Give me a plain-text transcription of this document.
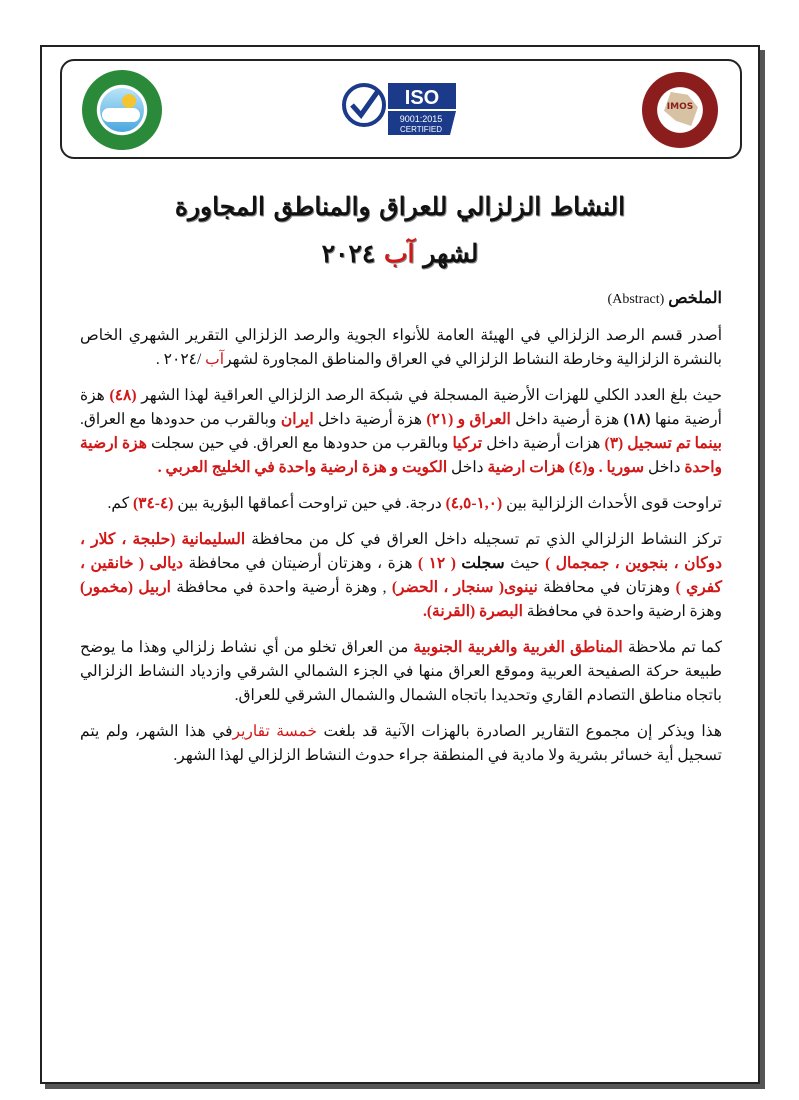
ISO
9001:2015
CERTIFIED
IMOS
النشاط الزلزالي للعراق والمناطق المجاورة
لشهر آب ٢٠٢٤

الملخص (Abstract)

أصدر قسم الرصد الزلزالي في الهيئة العامة للأنواء الجوية والرصد الزلزالي التقرير الشهري الخاص بالنشرة الزلزالية وخارطة النشاط الزلزالي في العراق والمناطق المجاورة لشهرآب /٢٠٢٤ .

حيث بلغ العدد الكلي للهزات الأرضية المسجلة في شبكة الرصد الزلزالي العراقية لهذا الشهر (٤٨) هزة أرضية منها (١٨) هزة أرضية داخل العراق و (٢١) هزة أرضية داخل ايران وبالقرب من حدودها مع العراق. بينما تم تسجيل (٣) هزات أرضية داخل تركيا وبالقرب من حدودها مع العراق. في حين سجلت هزة ارضية واحدة داخل سوريا . و(٤) هزات ارضية داخل الكويت و هزة ارضية واحدة في الخليج العربي .

تراوحت قوى الأحداث الزلزالية بين (١,٠-٤,٥) درجة. في حين تراوحت أعماقها البؤرية بين (٤-٣٤) كم.

تركز النشاط الزلزالي الذي تم تسجيله داخل العراق في كل من محافظة السليمانية (حلبجة ، كلار ، دوكان ، بنجوين ، جمجمال ) حيث سجلت ( ١٢ ) هزة ، وهزتان أرضيتان في محافظة ديالى ( خانقين ، كفري ) وهزتان في محافظة نينوى( سنجار ، الحضر) , وهزة أرضية واحدة في محافظة اربيل (مخمور) وهزة ارضية واحدة في محافظة البصرة (القرنة).

كما تم ملاحظة المناطق الغربية والغربية الجنوبية من العراق تخلو من أي نشاط زلزالي وهذا ما يوضح طبيعة حركة الصفيحة العربية وموقع العراق منها في الجزء الشمالي الشرقي وازدياد النشاط الزلزالي باتجاه مناطق التصادم القاري وتحديدا باتجاه الشمال والشمال الشرقي للعراق.

هذا ويذكر إن مجموع التقارير الصادرة بالهزات الآنية قد بلغت خمسة تقاريرفي هذا الشهر، ولم يتم تسجيل أية خسائر بشرية ولا مادية في المنطقة جراء حدوث النشاط الزلزالي لهذا الشهر.
